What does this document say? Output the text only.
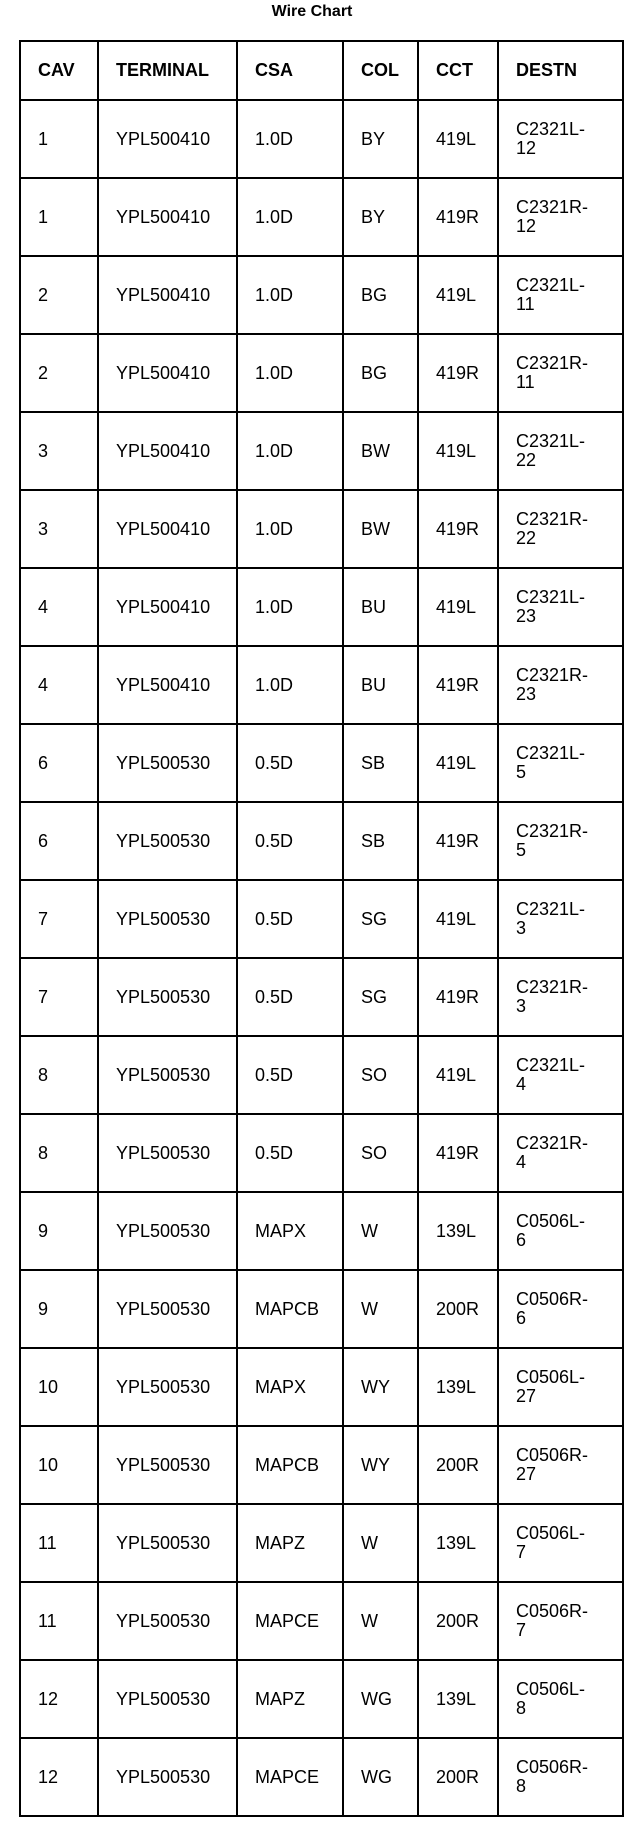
Wire Chart
CAV	TERMINAL	CSA	COL	CCT	DESTN
1	YPL500410	1.0D	BY	419L	C2321L-
12

1	YPL500410	1.0D	BY	419R	C2321R-
12

2	YPL500410	1.0D	BG	419L	C2321L-
11

2	YPL500410	1.0D	BG	419R	C2321R-
11

3	YPL500410	1.0D	BW	419L	C2321L-
22

3	YPL500410	1.0D	BW	419R	C2321R-
22

4	YPL500410	1.0D	BU	419L	C2321L-
23

4	YPL500410	1.0D	BU	419R	C2321R-
23

6	YPL500530	0.5D	SB	419L	C2321L-
5

6	YPL500530	0.5D	SB	419R	C2321R-
5

7	YPL500530	0.5D	SG	419L	C2321L-
3

7	YPL500530	0.5D	SG	419R	C2321R-
3

8	YPL500530	0.5D	SO	419L	C2321L-
4

8	YPL500530	0.5D	SO	419R	C2321R-
4

9	YPL500530	MAPX	W	139L	C0506L-
6

9	YPL500530	MAPCB	W	200R	C0506R-
6

10	YPL500530	MAPX	WY	139L	C0506L-
27

10	YPL500530	MAPCB	WY	200R	C0506R-
27

11	YPL500530	MAPZ	W	139L	C0506L-
7

11	YPL500530	MAPCE	W	200R	C0506R-
7

12	YPL500530	MAPZ	WG	139L	C0506L-
8

12	YPL500530	MAPCE	WG	200R	C0506R-
8
